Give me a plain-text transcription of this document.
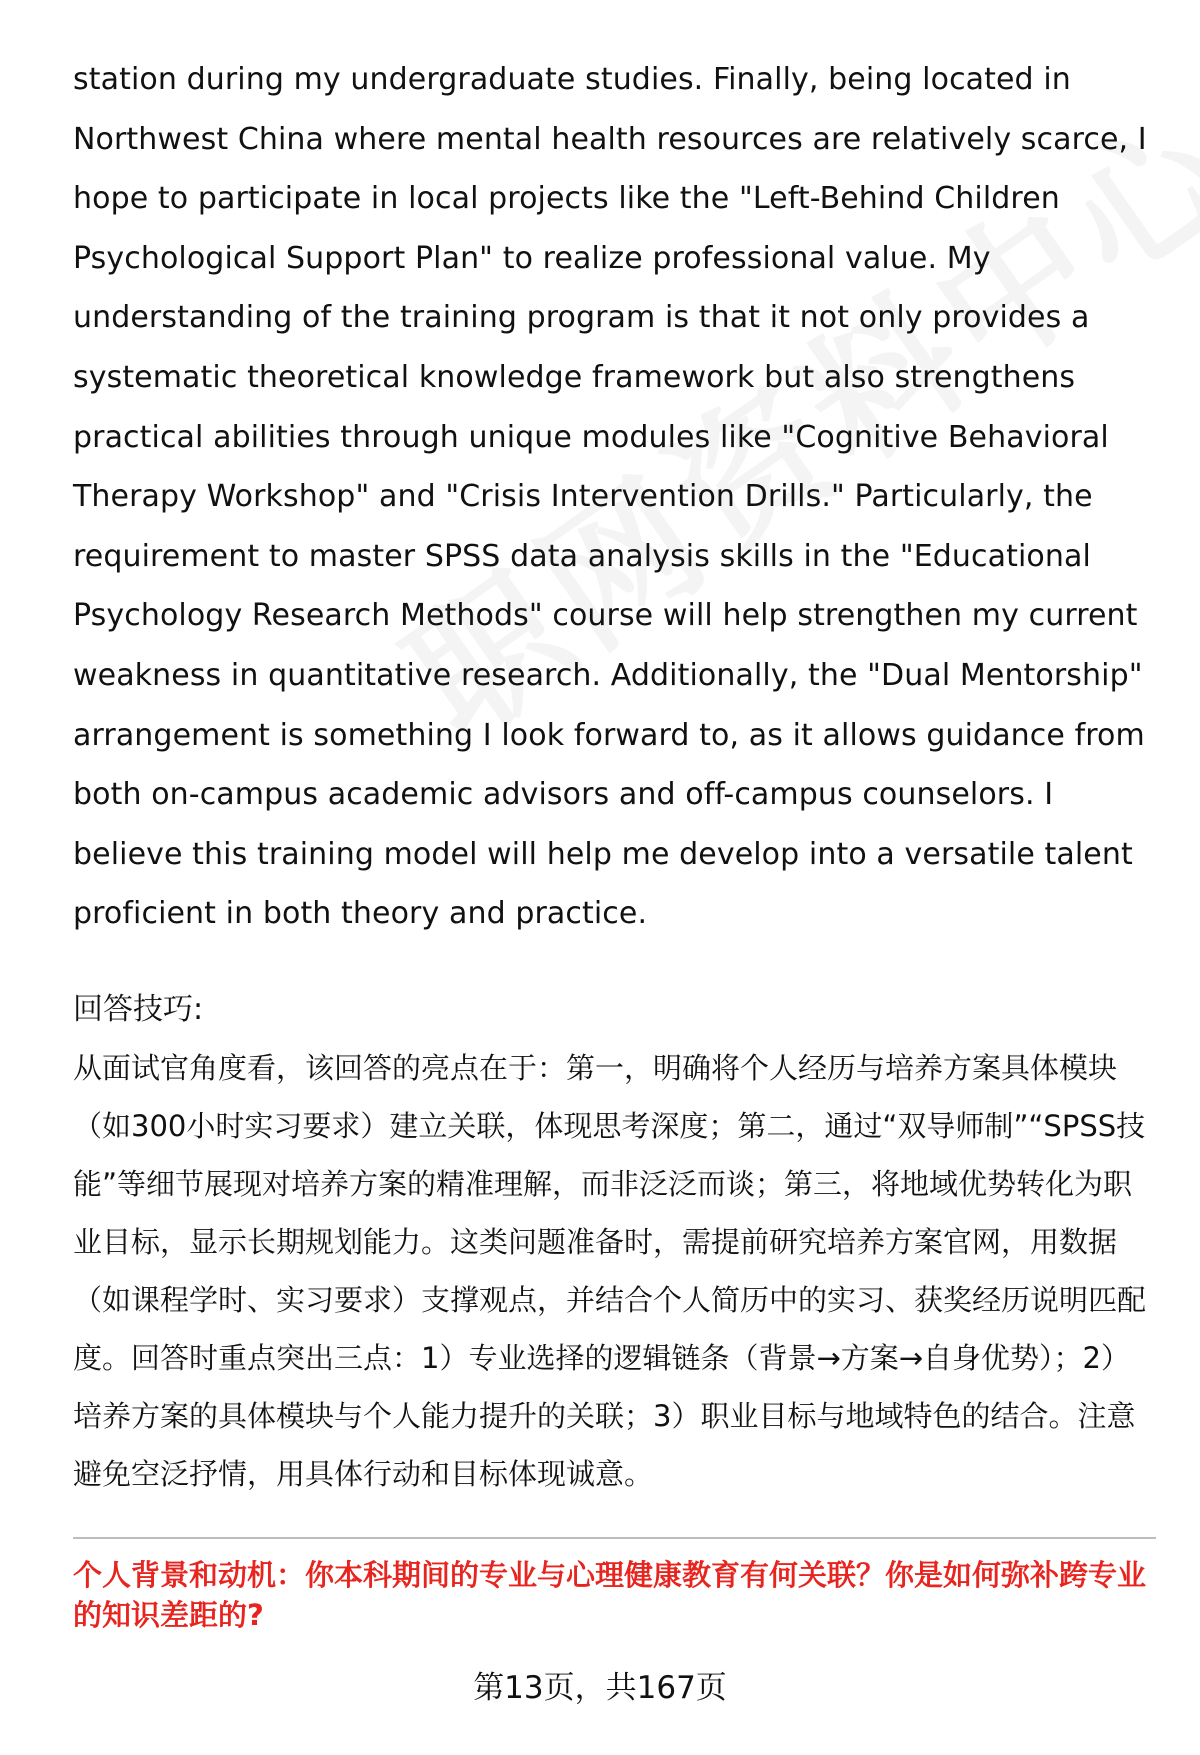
station during my undergraduate studies. Finally, being located in Northwest China where mental health resources are relatively scarce, I hope to participate in local projects like the "Left-Behind Children Psychological Support Plan" to realize professional value. My understanding of the training program is that it not only provides a systematic theoretical knowledge framework but also strengthens practical abilities through unique modules like "Cognitive Behavioral Therapy Workshop" and "Crisis Intervention Drills." Particularly, the requirement to master SPSS data analysis skills in the "Educational Psychology Research Methods" course will help strengthen my current weakness in quantitative research. Additionally, the "Dual Mentorship" arrangement is something I look forward to, as it allows guidance from both on-campus academic advisors and off-campus counselors. I believe this training model will help me develop into a versatile talent proficient in both theory and practice.

回答技巧:

从面试官角度看，该回答的亮点在于：第一，明确将个人经历与培养方案具体模块（如300小时实习要求）建立关联，体现思考深度；第二，通过“双导师制”“SPSS技能”等细节展现对培养方案的精准理解，而非泛泛而谈；第三，将地域优势转化为职业目标，显示长期规划能力。这类问题准备时，需提前研究培养方案官网，用数据（如课程学时、实习要求）支撑观点，并结合个人简历中的实习、获奖经历说明匹配度。回答时重点突出三点：1）专业选择的逻辑链条（背景→方案→自身优势）；2）培养方案的具体模块与个人能力提升的关联；3）职业目标与地域特色的结合。注意避免空泛抒情，用具体行动和目标体现诚意。

个人背景和动机：你本科期间的专业与心理健康教育有何关联？你是如何弥补跨专业的知识差距的?
第13页，共167页
